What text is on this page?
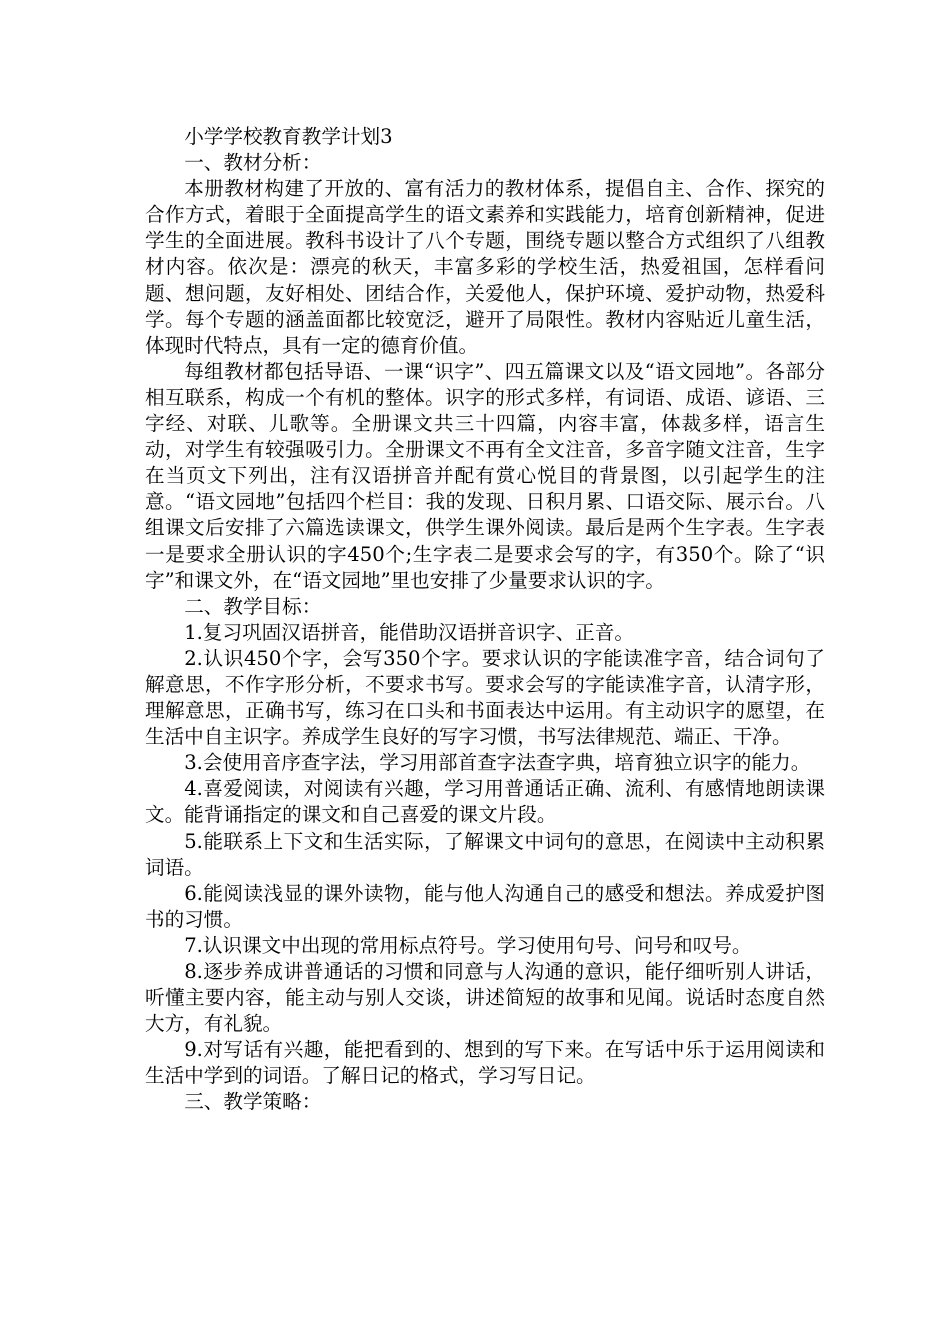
小学学校教育教学计划3

一、教材分析：

本册教材构建了开放的、富有活力的教材体系，提倡自主、合作、探究的合作方式，着眼于全面提高学生的语文素养和实践能力，培育创新精神，促进学生的全面进展。教科书设计了八个专题，围绕专题以整合方式组织了八组教材内容。依次是：漂亮的秋天，丰富多彩的学校生活，热爱祖国，怎样看问题、想问题，友好相处、团结合作，关爱他人，保护环境、爱护动物，热爱科学。每个专题的涵盖面都比较宽泛，避开了局限性。教材内容贴近儿童生活，体现时代特点，具有一定的德育价值。

每组教材都包括导语、一课“识字”、四五篇课文以及“语文园地”。各部分相互联系，构成一个有机的整体。识字的形式多样，有词语、成语、谚语、三字经、对联、儿歌等。全册课文共三十四篇，内容丰富，体裁多样，语言生动，对学生有较强吸引力。全册课文不再有全文注音，多音字随文注音，生字在当页文下列出，注有汉语拼音并配有赏心悦目的背景图，以引起学生的注意。“语文园地”包括四个栏目：我的发现、日积月累、口语交际、展示台。八组课文后安排了六篇选读课文，供学生课外阅读。最后是两个生字表。生字表一是要求全册认识的字450个;生字表二是要求会写的字，有350个。除了“识字”和课文外，在“语文园地”里也安排了少量要求认识的字。

二、教学目标：

1.复习巩固汉语拼音，能借助汉语拼音识字、正音。

2.认识450个字，会写350个字。要求认识的字能读准字音，结合词句了解意思，不作字形分析，不要求书写。要求会写的字能读准字音，认清字形，理解意思，正确书写，练习在口头和书面表达中运用。有主动识字的愿望，在生活中自主识字。养成学生良好的写字习惯，书写法律规范、端正、干净。

3.会使用音序查字法，学习用部首查字法查字典，培育独立识字的能力。

4.喜爱阅读，对阅读有兴趣，学习用普通话正确、流利、有感情地朗读课文。能背诵指定的课文和自己喜爱的课文片段。

5.能联系上下文和生活实际，了解课文中词句的意思，在阅读中主动积累词语。

6.能阅读浅显的课外读物，能与他人沟通自己的感受和想法。养成爱护图书的习惯。

7.认识课文中出现的常用标点符号。学习使用句号、问号和叹号。

8.逐步养成讲普通话的习惯和同意与人沟通的意识，能仔细听别人讲话，听懂主要内容，能主动与别人交谈，讲述简短的故事和见闻。说话时态度自然大方，有礼貌。

9.对写话有兴趣，能把看到的、想到的写下来。在写话中乐于运用阅读和生活中学到的词语。了解日记的格式，学习写日记。

三、教学策略：
